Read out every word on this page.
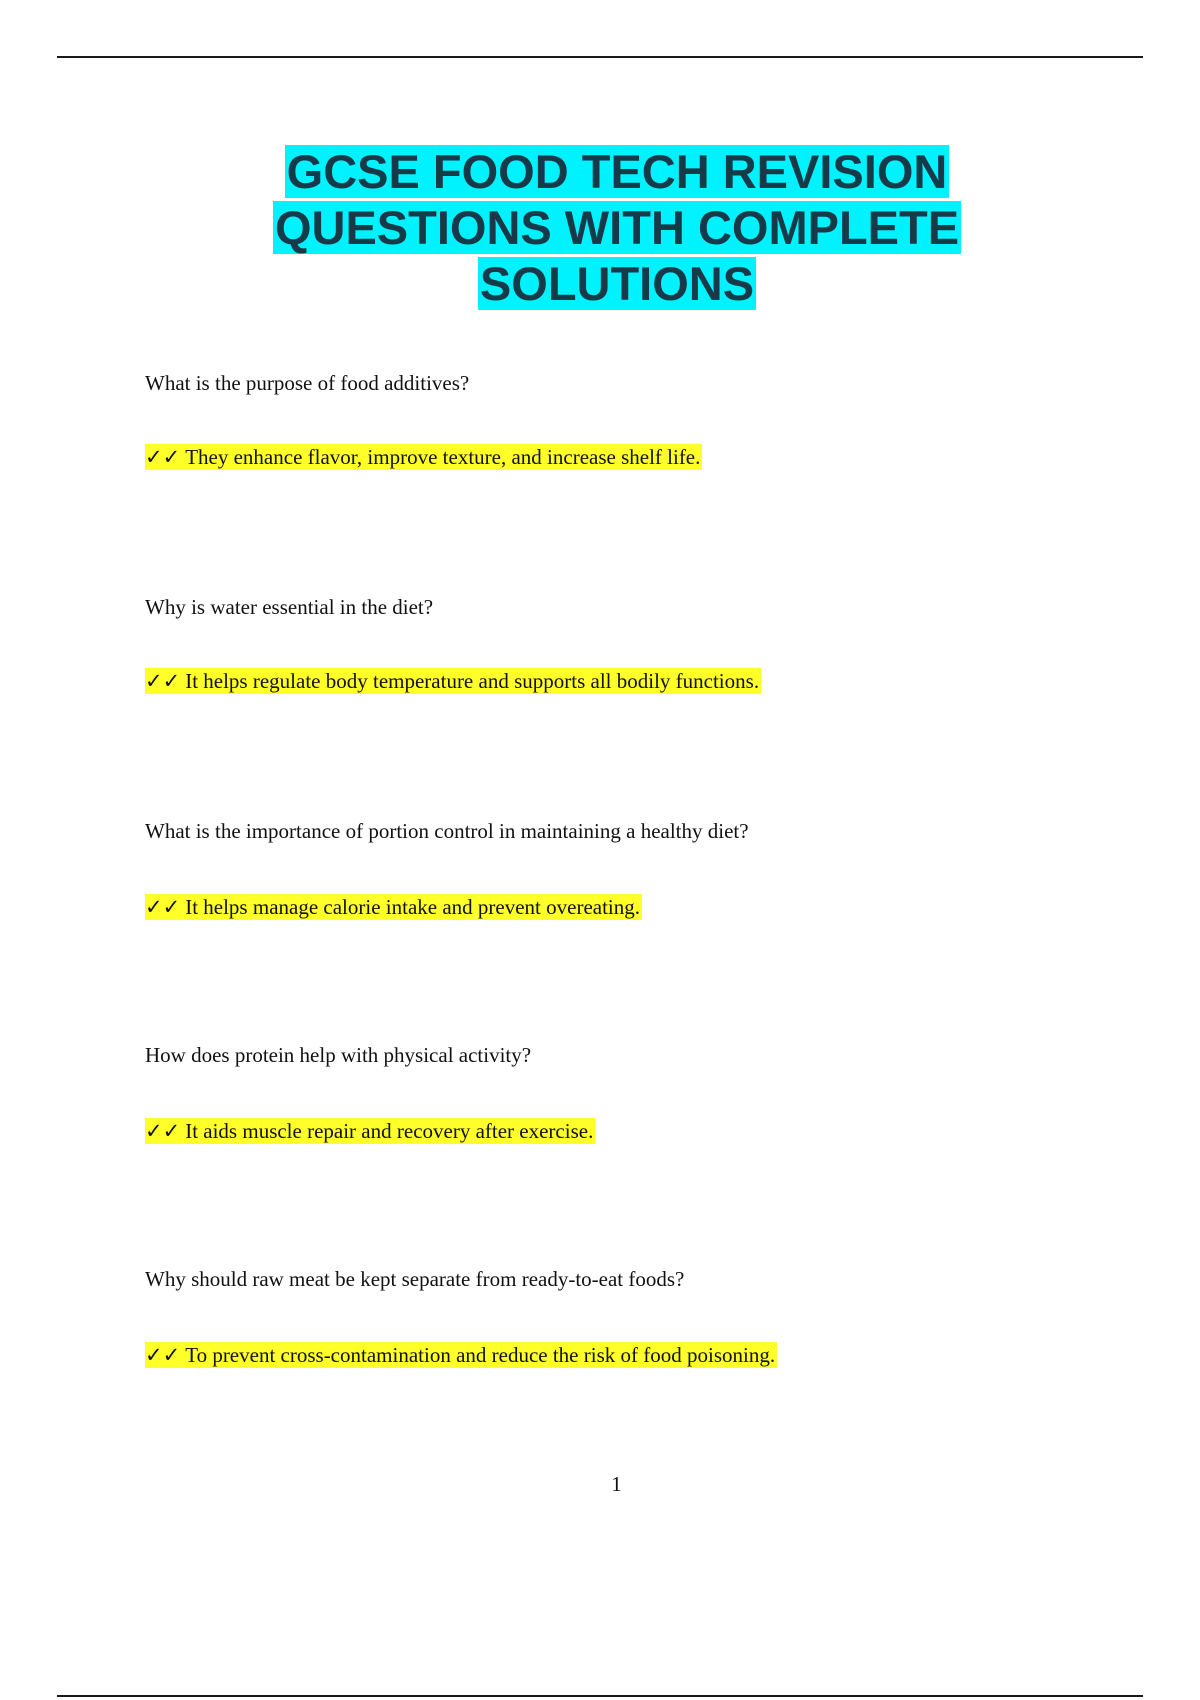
GCSE FOOD TECH REVISION
QUESTIONS WITH COMPLETE
SOLUTIONS

What is the purpose of food additives?

✓✓ They enhance flavor, improve texture, and increase shelf life.

Why is water essential in the diet?

✓✓ It helps regulate body temperature and supports all bodily functions.

What is the importance of portion control in maintaining a healthy diet?

✓✓ It helps manage calorie intake and prevent overeating.

How does protein help with physical activity?

✓✓ It aids muscle repair and recovery after exercise.

Why should raw meat be kept separate from ready-to-eat foods?

✓✓ To prevent cross-contamination and reduce the risk of food poisoning.
1
